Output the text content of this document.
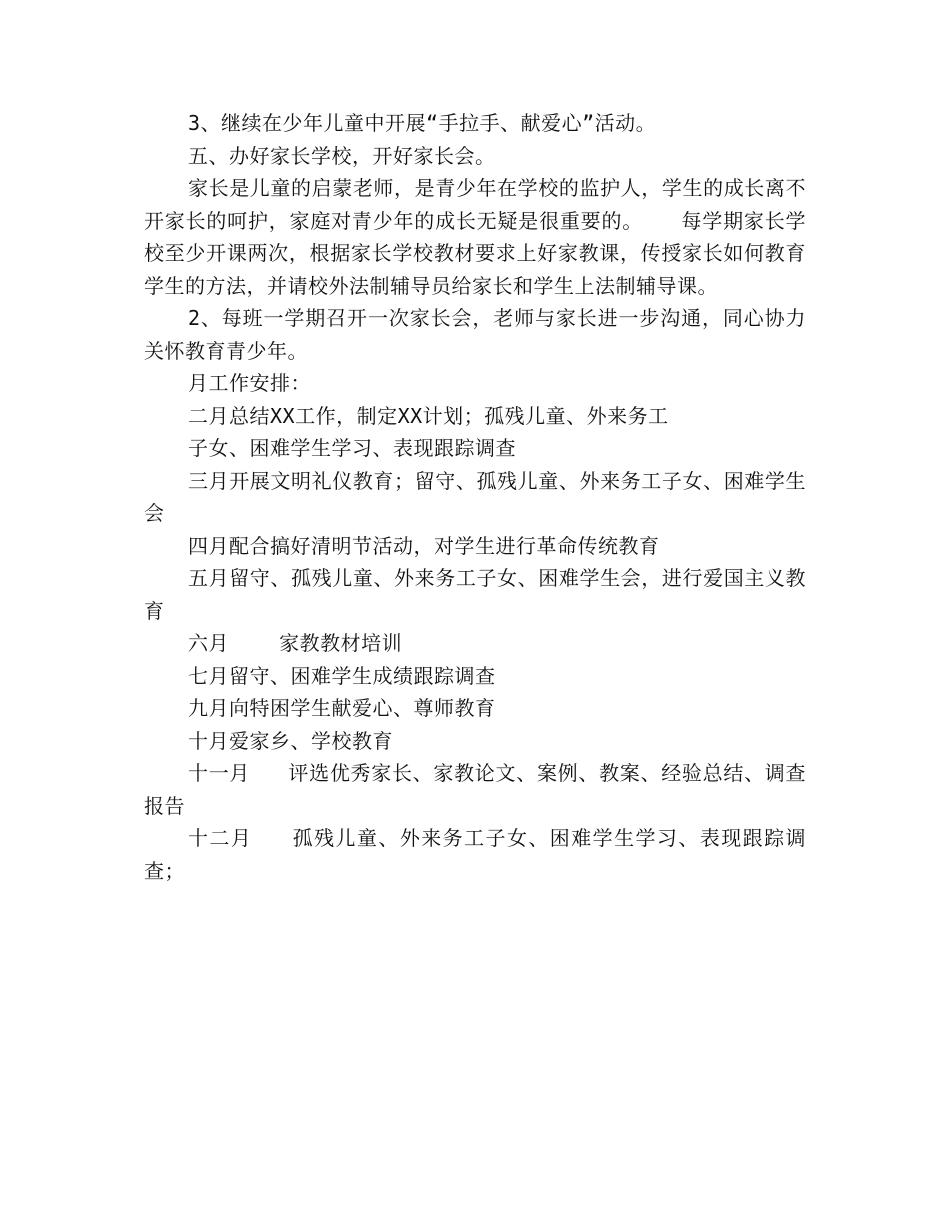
3、继续在少年儿童中开展“手拉手、献爱心”活动。

五、办好家长学校，开好家长会。

家长是儿童的启蒙老师，是青少年在学校的监护人，学生的成长离不开家长的呵护，家庭对青少年的成长无疑是很重要的。   每学期家长学校至少开课两次，根据家长学校教材要求上好家教课，传授家长如何教育学生的方法，并请校外法制辅导员给家长和学生上法制辅导课。

2、每班一学期召开一次家长会，老师与家长进一步沟通，同心协力关怀教育青少年。

月工作安排：

二月总结XX工作，制定XX计划；孤残儿童、外来务工

子女、困难学生学习、表现跟踪调查

三月开展文明礼仪教育；留守、孤残儿童、外来务工子女、困难学生会

四月配合搞好清明节活动，对学生进行革命传统教育

五月留守、孤残儿童、外来务工子女、困难学生会，进行爱国主义教育

六月    家教教材培训

七月留守、困难学生成绩跟踪调查

九月向特困学生献爱心、尊师教育

十月爱家乡、学校教育

十一月   评选优秀家长、家教论文、案例、教案、经验总结、调查报告

十二月   孤残儿童、外来务工子女、困难学生学习、表现跟踪调查；
